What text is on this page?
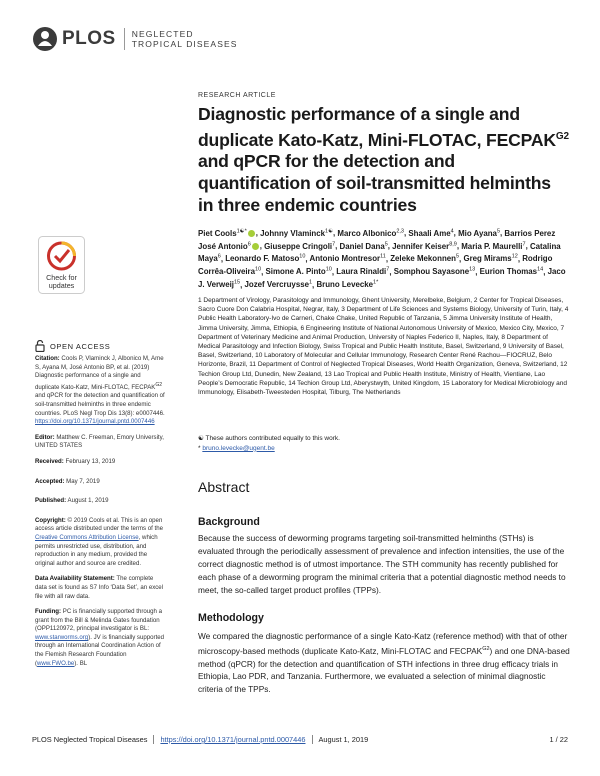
PLOS NEGLECTED
TROPICAL DISEASES
Check for
updates
OPEN ACCESS

Citation: Cools P, Vlaminck J, Albonico M, Ame S, Ayana M, José Antonio BP, et al. (2019) Diagnostic performance of a single and duplicate Kato-Katz, Mini-FLOTAC, $FECPAK^{G2}$ and qPCR for the detection and quantification of soil-transmitted helminths in three endemic countries. PLoS Negl Trop Dis 13(8): e0007446. https://doi.org/10.1371/journal.pntd.0007446

Editor: Matthew C. Freeman, Emory University, UNITED STATES

Received: February 13, 2019

Accepted: May 7, 2019

Published: August 1, 2019

Copyright: © 2019 Cools et al. This is an open access article distributed under the terms of the Creative Commons Attribution License, which permits unrestricted use, distribution, and reproduction in any medium, provided the original author and source are credited.

Data Availability Statement: The complete data set is found as S7 Info ‘Data Set’, an excel file with all raw data.

Funding: PC is financially supported through a grant from the Bill & Melinda Gates foundation (OPP1120972, principal investigator is BL: www.starworms.org). JV is financially supported through an International Coordination Action of the Flemish Research Foundation (www.FWO.be). BL

RESEARCH ARTICLE
Diagnostic performance of a single and duplicate Kato-Katz, Mini-FLOTAC, $FECPAK^{G2}$ and qPCR for the detection and quantification of soil-transmitted helminths in three endemic countries
Piet Cools$^{1☯*}$ , Johnny Vlaminck$^{1☯}$, Marco Albonico$^{2,3}$, Shaali Ame$^4$, Mio Ayana$^5$, Barrios Perez José Antonio$^6$ , Giuseppe Cringoli$^7$, Daniel Dana$^5$, Jennifer Keiser$^{8,9}$, Maria P. Maurelli$^7$, Catalina Maya$^6$, Leonardo F. Matoso$^{10}$, Antonio Montresor$^{11}$, Zeleke Mekonnen$^5$, Greg Mirams$^{12}$, Rodrigo Corrêa-Oliveira$^{10}$, Simone A. Pinto$^{10}$, Laura Rinaldi$^7$, Somphou Sayasone$^{13}$, Eurion Thomas$^{14}$, Jaco J. Verweij$^{15}$, Jozef Vercruysse$^1$, Bruno Levecke$^{1*}$
1 Department of Virology, Parasitology and Immunology, Ghent University, Merelbeke, Belgium, 2 Center for Tropical Diseases, Sacro Cuore Don Calabria Hospital, Negrar, Italy, 3 Department of Life Sciences and Systems Biology, University of Turin, Italy, 4 Public Health Laboratory-Ivo de Carneri, Chake Chake, United Republic of Tanzania, 5 Jimma University Institute of Health, Jimma University, Jimma, Ethiopia, 6 Engineering Institute of National Autonomous University of Mexico, Mexico City, Mexico, 7 Department of Veterinary Medicine and Animal Production, University of Naples Federico II, Naples, Italy, 8 Department of Medical Parasitology and Infection Biology, Swiss Tropical and Public Health Institute, Basel, Switzerland, 9 University of Basel, Basel, Switzerland, 10 Laboratory of Molecular and Cellular Immunology, Research Center René Rachou—FIOCRUZ, Belo Horizonte, Brazil, 11 Department of Control of Neglected Tropical Diseases, World Health Organization, Geneva, Switzerland, 12 Techion Group Ltd, Dunedin, New Zealand, 13 Lao Tropical and Public Health Institute, Ministry of Health, Vientiane, Lao People’s Democratic Republic, 14 Techion Group Ltd, Aberystwyth, United Kingdom, 15 Laboratory for Medical Microbiology and Immunology, Elisabeth-Tweesteden Hospital, Tilburg, The Netherlands
☯ These authors contributed equally to this work.
* bruno.levecke@ugent.be
Abstract
Background

Because the success of deworming programs targeting soil-transmitted helminths (STHs) is evaluated through the periodically assessment of prevalence and infection intensities, the use of the correct diagnostic method is of utmost importance. The STH community has recently published for each phase of a deworming program the minimal criteria that a potential diagnostic method needs to meet, the so-called target product profiles (TPPs).

Methodology

We compared the diagnostic performance of a single Kato-Katz (reference method) with that of other microscopy-based methods (duplicate Kato-Katz, Mini-FLOTAC and $FECPAK^{G2}$) and one DNA-based method (qPCR) for the detection and quantification of STH infections in three drug efficacy trials in Ethiopia, Lao PDR, and Tanzania. Furthermore, we evaluated a selection of minimal diagnostic criteria of the TPPs.

PLOS Neglected Tropical Diseases https://doi.org/10.1371/journal.pntd.0007446 August 1, 2019	1 / 22
